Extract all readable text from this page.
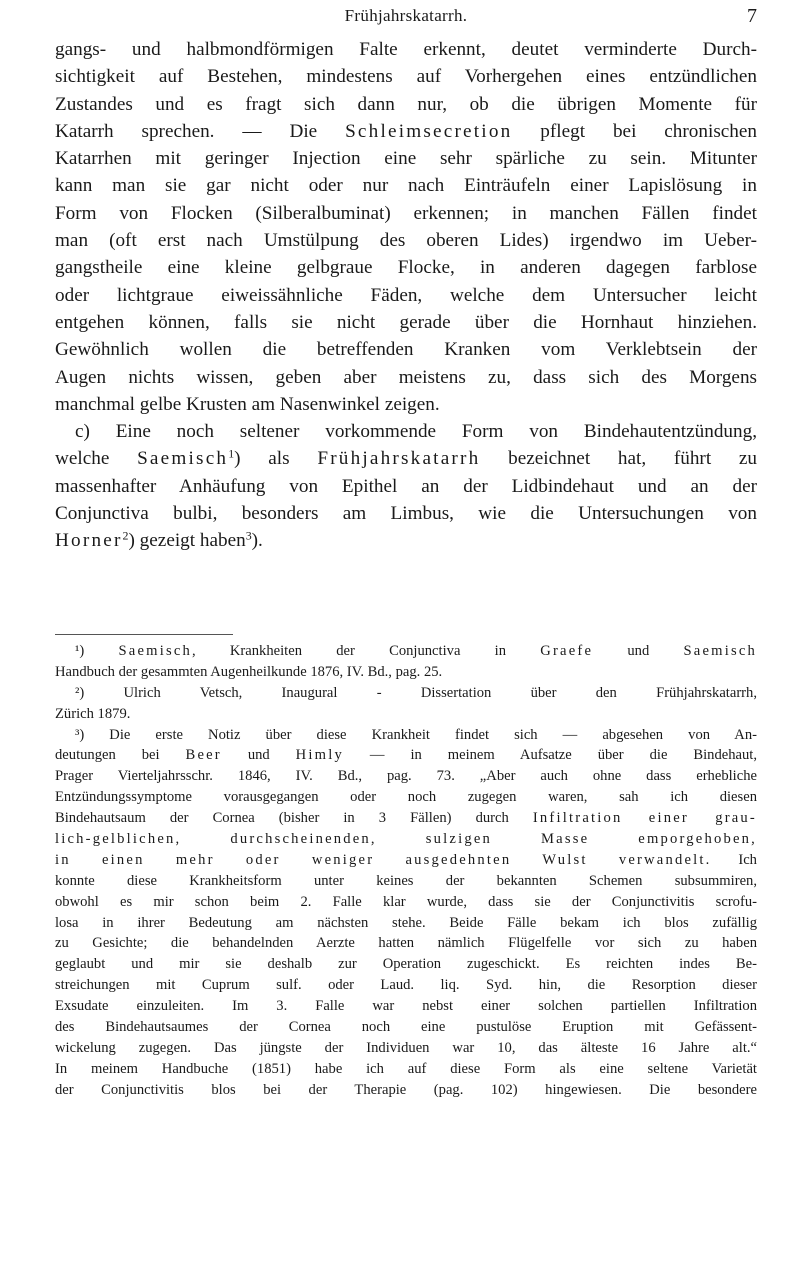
Frühjahrskatarrh.	7
gangs- und halbmondförmigen Falte erkennt, deutet verminderte Durch-
sichtigkeit auf Bestehen, mindestens auf Vorhergehen eines entzündlichen
Zustandes und es fragt sich dann nur, ob die übrigen Momente für
Katarrh sprechen. — Die Schleimsecretion pflegt bei chronischen
Katarrhen mit geringer Injection eine sehr spärliche zu sein. Mitunter
kann man sie gar nicht oder nur nach Einträufeln einer Lapislösung in
Form von Flocken (Silberalbuminat) erkennen; in manchen Fällen findet
man (oft erst nach Umstülpung des oberen Lides) irgendwo im Ueber-
gangstheile eine kleine gelbgraue Flocke, in anderen dagegen farblose
oder lichtgraue eiweissähnliche Fäden, welche dem Untersucher leicht
entgehen können, falls sie nicht gerade über die Hornhaut hinziehen.
Gewöhnlich wollen die betreffenden Kranken vom Verklebtsein der
Augen nichts wissen, geben aber meistens zu, dass sich des Morgens
manchmal gelbe Krusten am Nasenwinkel zeigen.
c) Eine noch seltener vorkommende Form von Bindehautentzündung,
welche Saemisch$^1$) als Frühjahrskatarrh bezeichnet hat, führt zu
massenhafter Anhäufung von Epithel an der Lidbindehaut und an der
Conjunctiva bulbi, besonders am Limbus, wie die Untersuchungen von
Horner$^2$) gezeigt haben$^3$).
¹) Saemisch, Krankheiten der Conjunctiva in Graefe und Saemisch
Handbuch der gesammten Augenheilkunde 1876, IV. Bd., pag. 25.
²) Ulrich Vetsch, Inaugural - Dissertation über den Frühjahrskatarrh,
Zürich 1879.
³) Die erste Notiz über diese Krankheit findet sich — abgesehen von An-
deutungen bei Beer und Himly — in meinem Aufsatze über die Bindehaut,
Prager Vierteljahrsschr. 1846, IV. Bd., pag. 73. „Aber auch ohne dass erhebliche
Entzündungssymptome vorausgegangen oder noch zugegen waren, sah ich diesen
Bindehautsaum der Cornea (bisher in 3 Fällen) durch Infiltration einer grau-
lich-gelblichen, durchscheinenden, sulzigen Masse emporgehoben,
in einen mehr oder weniger ausgedehnten Wulst verwandelt. Ich
konnte diese Krankheitsform unter keines der bekannten Schemen subsummiren,
obwohl es mir schon beim 2. Falle klar wurde, dass sie der Conjunctivitis scrofu-
losa in ihrer Bedeutung am nächsten stehe. Beide Fälle bekam ich blos zufällig
zu Gesichte; die behandelnden Aerzte hatten nämlich Flügelfelle vor sich zu haben
geglaubt und mir sie deshalb zur Operation zugeschickt. Es reichten indes Be-
streichungen mit Cuprum sulf. oder Laud. liq. Syd. hin, die Resorption dieser
Exsudate einzuleiten. Im 3. Falle war nebst einer solchen partiellen Infiltration
des Bindehautsaumes der Cornea noch eine pustulöse Eruption mit Gefässent-
wickelung zugegen. Das jüngste der Individuen war 10, das älteste 16 Jahre alt.“
In meinem Handbuche (1851) habe ich auf diese Form als eine seltene Varietät
der Conjunctivitis blos bei der Therapie (pag. 102) hingewiesen. Die besondere
